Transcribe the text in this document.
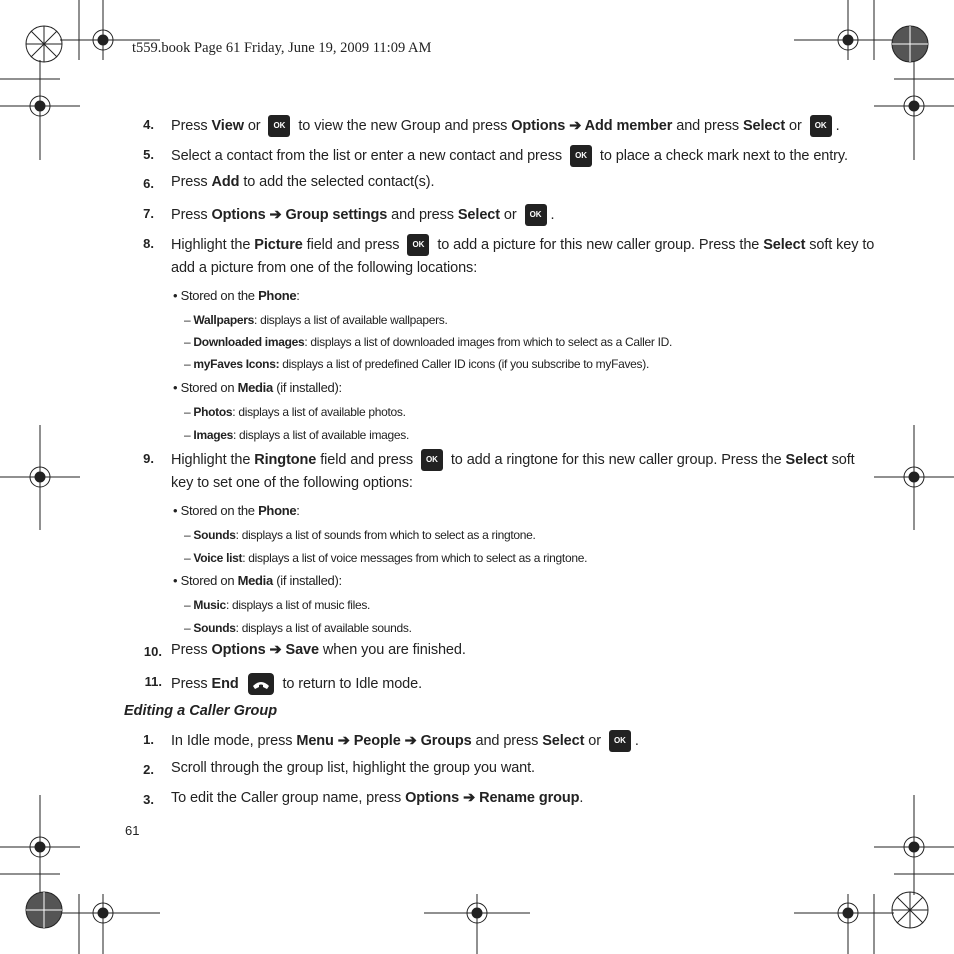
t559.book Page 61 Friday, June 19, 2009 11:09 AM
4. Press View or OK to view the new Group and press Options ➔ Add member and press Select or OK .
5. Select a contact from the list or enter a new contact and press OK to place a check mark next to the entry.
6. Press Add to add the selected contact(s).
7. Press Options ➔ Group settings and press Select or OK .
8. Highlight the Picture field and press OK to add a picture for this new caller group. Press the Select soft key to
add a picture from one of the following locations:
• Stored on the Phone:
– Wallpapers: displays a list of available wallpapers.
– Downloaded images: displays a list of downloaded images from which to select as a Caller ID.
– myFaves Icons: displays a list of predefined Caller ID icons (if you subscribe to myFaves).
• Stored on Media (if installed):
– Photos: displays a list of available photos.
– Images: displays a list of available images.
9. Highlight the Ringtone field and press OK to add a ringtone for this new caller group. Press the Select soft
key to set one of the following options:
• Stored on the Phone:
– Sounds: displays a list of sounds from which to select as a ringtone.
– Voice list: displays a list of voice messages from which to select as a ringtone.
• Stored on Media (if installed):
– Music: displays a list of music files.
– Sounds: displays a list of available sounds.
10. Press Options ➔ Save when you are finished.
11. Press End	to return to Idle mode.
Editing a Caller Group
1. In Idle mode, press Menu ➔ People ➔ Groups and press Select or OK .
2. Scroll through the group list, highlight the group you want.
3. To edit the Caller group name, press Options ➔ Rename group.
61
